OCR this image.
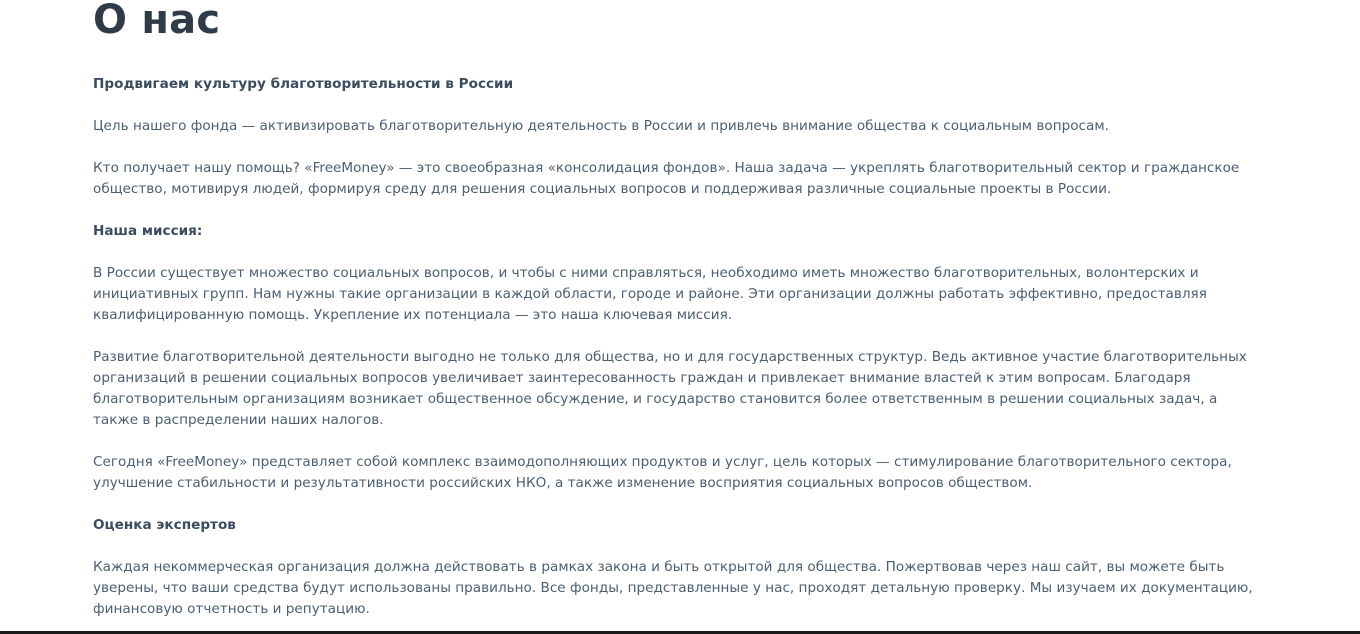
О нас

Продвигаем культуру благотворительности в России

Цель нашего фонда — активизировать благотворительную деятельность в России и привлечь внимание общества к социальным вопросам.

Кто получает нашу помощь? «FreeMoney» — это своеобразная «консолидация фондов». Наша задача — укреплять благотворительный сектор и гражданское общество, мотивируя людей, формируя среду для решения социальных вопросов и поддерживая различные социальные проекты в России.

Наша миссия:

В России существует множество социальных вопросов, и чтобы с ними справляться, необходимо иметь множество благотворительных, волонтерских и инициативных групп. Нам нужны такие организации в каждой области, городе и районе. Эти организации должны работать эффективно, предоставляя квалифицированную помощь. Укрепление их потенциала — это наша ключевая миссия.

Развитие благотворительной деятельности выгодно не только для общества, но и для государственных структур. Ведь активное участие благотворительных организаций в решении социальных вопросов увеличивает заинтересованность граждан и привлекает внимание властей к этим вопросам. Благодаря благотворительным организациям возникает общественное обсуждение, и государство становится более ответственным в решении социальных задач, а также в распределении наших налогов.

Сегодня «FreeMoney» представляет собой комплекс взаимодополняющих продуктов и услуг, цель которых — стимулирование благотворительного сектора, улучшение стабильности и результативности российских НКО, а также изменение восприятия социальных вопросов обществом.

Оценка экспертов

Каждая некоммерческая организация должна действовать в рамках закона и быть открытой для общества. Пожертвовав через наш сайт, вы можете быть уверены, что ваши средства будут использованы правильно. Все фонды, представленные у нас, проходят детальную проверку. Мы изучаем их документацию, финансовую отчетность и репутацию.
